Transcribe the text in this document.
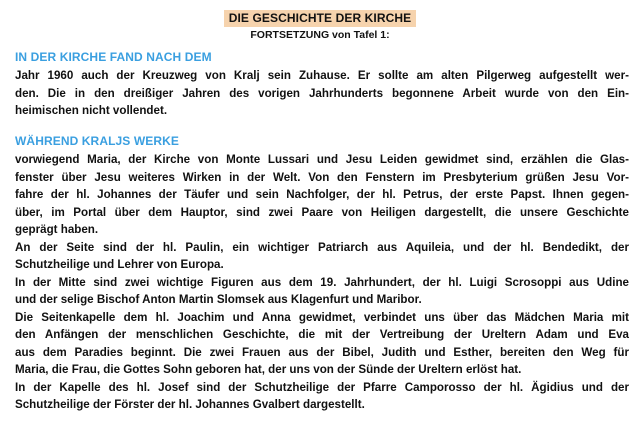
DIE GESCHICHTE DER KIRCHE
FORTSETZUNG von Tafel 1:
IN DER KIRCHE FAND NACH DEM
Jahr 1960 auch der Kreuzweg von Kralj sein Zuhause. Er sollte am alten Pilgerweg aufgestellt wer-
den. Die in den dreißiger Jahren des vorigen Jahrhunderts begonnene Arbeit wurde von den Ein-
heimischen nicht vollendet.
WÄHREND KRALJS WERKE
vorwiegend Maria, der Kirche von Monte Lussari und Jesu Leiden gewidmet sind, erzählen die Glas-
fenster über Jesu weiteres Wirken in der Welt. Von den Fenstern im Presbyterium grüßen Jesu Vor-
fahre der hl. Johannes der Täufer und sein Nachfolger, der hl. Petrus, der erste Papst. Ihnen gegen-
über, im Portal über dem Hauptor, sind zwei Paare von Heiligen dargestellt, die unsere Geschichte
geprägt haben.
An der Seite sind der hl. Paulin, ein wichtiger Patriarch aus Aquileia, und der hl. Bendedikt, der
Schutzheilige und Lehrer von Europa.
In der Mitte sind zwei wichtige Figuren aus dem 19. Jahrhundert, der hl. Luigi Scrosoppi aus Udine
und der selige Bischof Anton Martin Slomsek aus Klagenfurt und Maribor.
Die Seitenkapelle dem hl. Joachim und Anna gewidmet, verbindet uns über das Mädchen Maria mit
den Anfängen der menschlichen Geschichte, die mit der Vertreibung der Ureltern Adam und Eva
aus dem Paradies beginnt. Die zwei Frauen aus der Bibel, Judith und Esther, bereiten den Weg für
Maria, die Frau, die Gottes Sohn geboren hat, der uns von der Sünde der Ureltern erlöst hat.
In der Kapelle des hl. Josef sind der Schutzheilige der Pfarre Camporosso der hl. Ägidius und der
Schutzheilige der Förster der hl. Johannes Gvalbert dargestellt.
